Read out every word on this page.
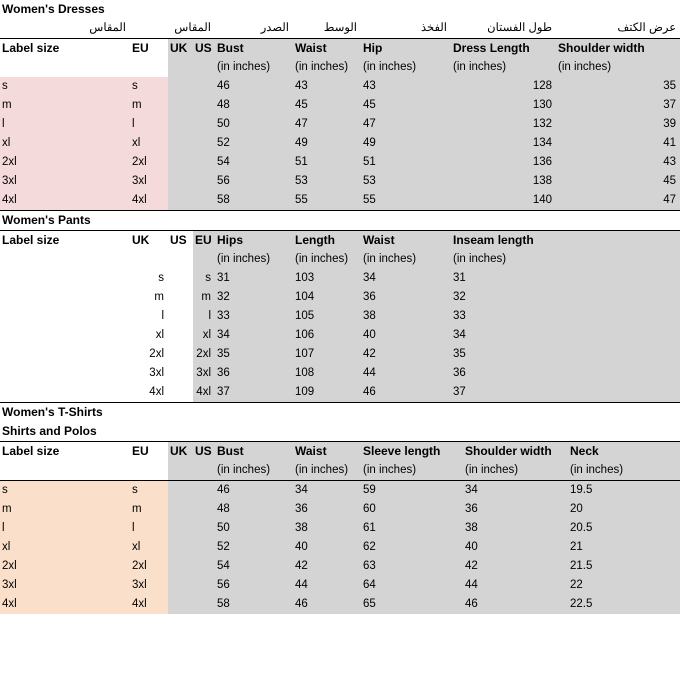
Women's Dresses								
المقاس	المقاس			الصدر	الوسط	الفخذ	طول الفستان	عرض الكتف
Label size	EU	UK	US	Bust	Waist	Hip	Dress Length	Shoulder width
				(in inches)	(in inches)	(in inches)	(in inches)	(in inches)
s	s			46	43	43	128	35
m	m			48	45	45	130	37
l	l			50	47	47	132	39
xl	xl			52	49	49	134	41
2xl	2xl			54	51	51	136	43
3xl	3xl			56	53	53	138	45
4xl	4xl			58	55	55	140	47
Women's Pants							
Label size	UK	US	EU	Hips	Length	Waist	Inseam length
				(in inches)	(in inches)	(in inches)	(in inches)
	s		s	31	103	34	31
	m		m	32	104	36	32
	l		l	33	105	38	33
	xl		xl	34	106	40	34
	2xl		2xl	35	107	42	35
	3xl		3xl	36	108	44	36
	4xl		4xl	37	109	46	37
Women's T-Shirts								
Shirts and Polos								
Label size	EU	UK	US	Bust	Waist	Sleeve length	Shoulder width	Neck
				(in inches)	(in inches)	(in inches)	(in inches)	(in inches)
s	s			46	34	59	34	19.5
m	m			48	36	60	36	20
l	l			50	38	61	38	20.5
xl	xl			52	40	62	40	21
2xl	2xl			54	42	63	42	21.5
3xl	3xl			56	44	64	44	22
4xl	4xl			58	46	65	46	22.5
